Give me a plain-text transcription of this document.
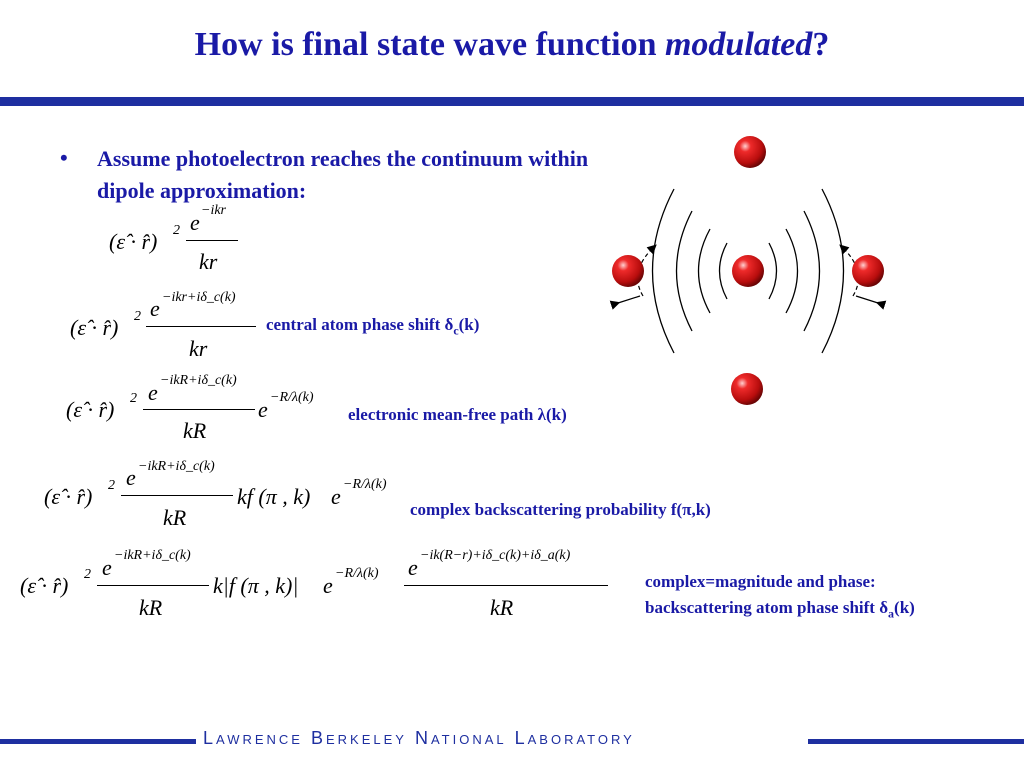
How is final state wave function modulated?
• Assume photoelectron reaches the continuum within dipole approximation:
(ε̂ · r̂) 2 e −ikr
kr
(ε̂ · r̂) 2 e −ikr+iδ_c(k)
kr
central atom phase shift $\delta_c(k)$
(ε̂ · r̂) 2 e −ikR+iδ_c(k)
kR
e −R/λ(k)
electronic mean-free path λ(k)
(ε̂ · r̂) 2 e −ikR+iδ_c(k)
kR
kf (π , k) e −R/λ(k)
complex backscattering probability f(π,k)
(ε̂ · r̂) 2 e −ikR+iδ_c(k)
kR
k|f (π , k)| e −R/λ(k) e −ik(R−r)+iδ_c(k)+iδ_a(k)
kR
complex=magnitude and phase:
backscattering atom phase shift $\delta_a(k)$
Lawrence Berkeley National Laboratory
